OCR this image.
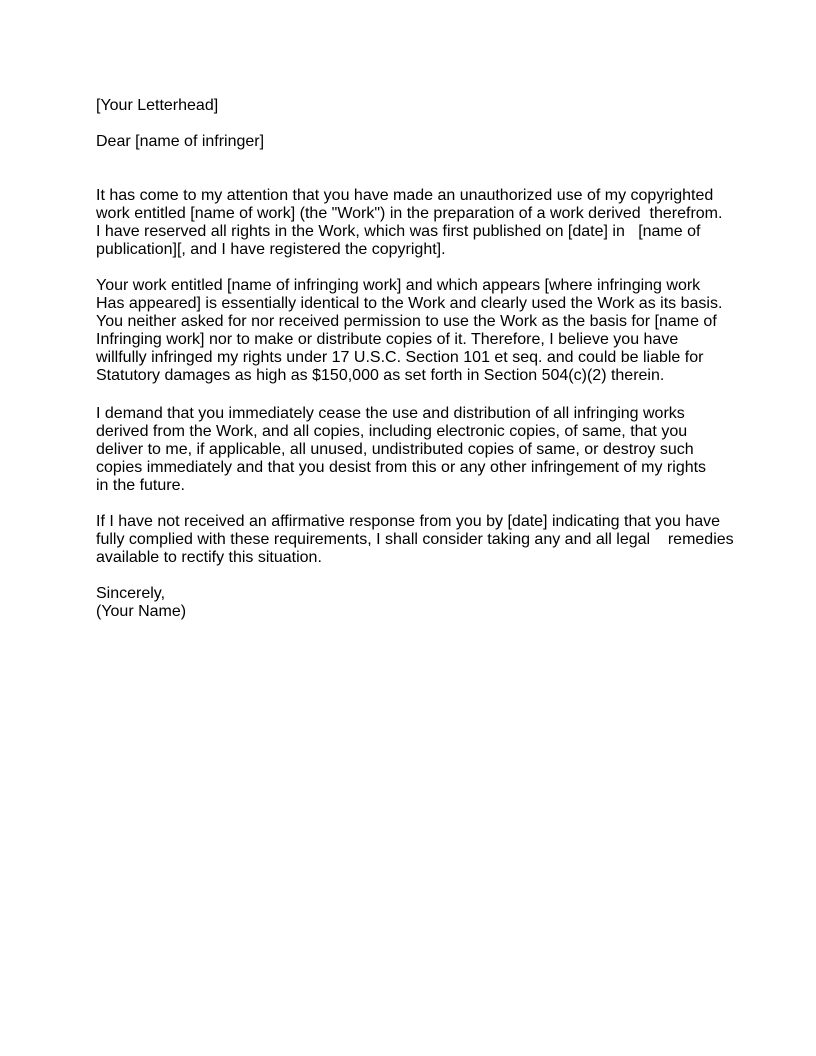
[Your Letterhead]
Dear [name of infringer]
It has come to my attention that you have made an unauthorized use of my copyrighted
work entitled [name of work] (the "Work") in the preparation of a work derived  therefrom.
I have reserved all rights in the Work, which was first published on [date] in   [name of
publication][, and I have registered the copyright].
Your work entitled [name of infringing work] and which appears [where infringing work
Has appeared] is essentially identical to the Work and clearly used the Work as its basis.
You neither asked for nor received permission to use the Work as the basis for [name of
Infringing work] nor to make or distribute copies of it. Therefore, I believe you have
willfully infringed my rights under 17 U.S.C. Section 101 et seq. and could be liable for
Statutory damages as high as $150,000 as set forth in Section 504(c)(2) therein.
I demand that you immediately cease the use and distribution of all infringing works
derived from the Work, and all copies, including electronic copies, of same, that you
deliver to me, if applicable, all unused, undistributed copies of same, or destroy such
copies immediately and that you desist from this or any other infringement of my rights
in the future.
If I have not received an affirmative response from you by [date] indicating that you have
fully complied with these requirements, I shall consider taking any and all legal    remedies
available to rectify this situation.
Sincerely,
(Your Name)
